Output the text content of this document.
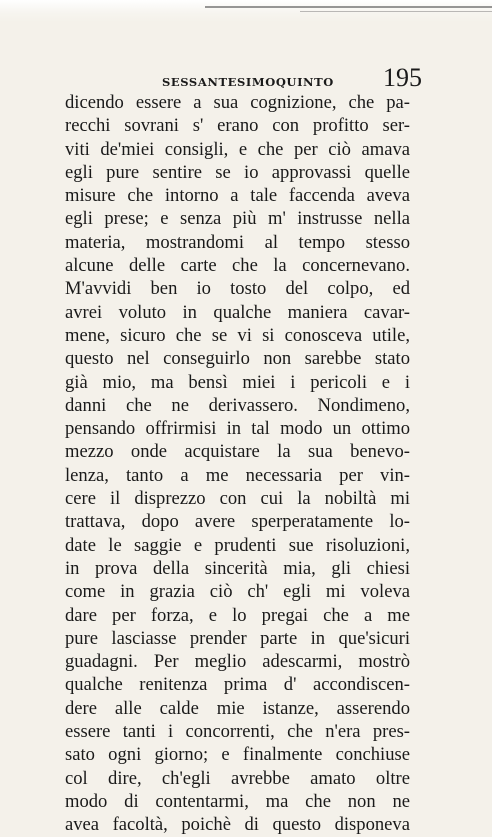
SESSANTESIMOQUINTO 195
dicendo essere a sua cognizione, che pa-
recchi sovrani s' erano con profitto ser-
viti de'miei consigli, e che per ciò amava
egli pure sentire se io approvassi quelle
misure che intorno a tale faccenda aveva
egli prese; e senza più m' instrusse nella
materia, mostrandomi al tempo stesso
alcune delle carte che la concernevano.
M'avvidi ben io tosto del colpo, ed
avrei voluto in qualche maniera cavar-
mene, sicuro che se vi si conosceva utile,
questo nel conseguirlo non sarebbe stato
già mio, ma bensì miei i pericoli e i
danni che ne derivassero. Nondimeno,
pensando offrirmisi in tal modo un ottimo
mezzo onde acquistare la sua benevo-
lenza, tanto a me necessaria per vin-
cere il disprezzo con cui la nobiltà mi
trattava, dopo avere sperperatamente lo-
date le saggie e prudenti sue risoluzioni,
in prova della sincerità mia, gli chiesi
come in grazia ciò ch' egli mi voleva
dare per forza, e lo pregai che a me
pure lasciasse prender parte in que'sicuri
guadagni. Per meglio adescarmi, mostrò
qualche renitenza prima d' accondiscen-
dere alle calde mie istanze, asserendo
essere tanti i concorrenti, che n'era pres-
sato ogni giorno; e finalmente conchiuse
col dire, ch'egli avrebbe amato oltre
modo di contentarmi, ma che non ne
avea facoltà, poichè di questo disponeva
